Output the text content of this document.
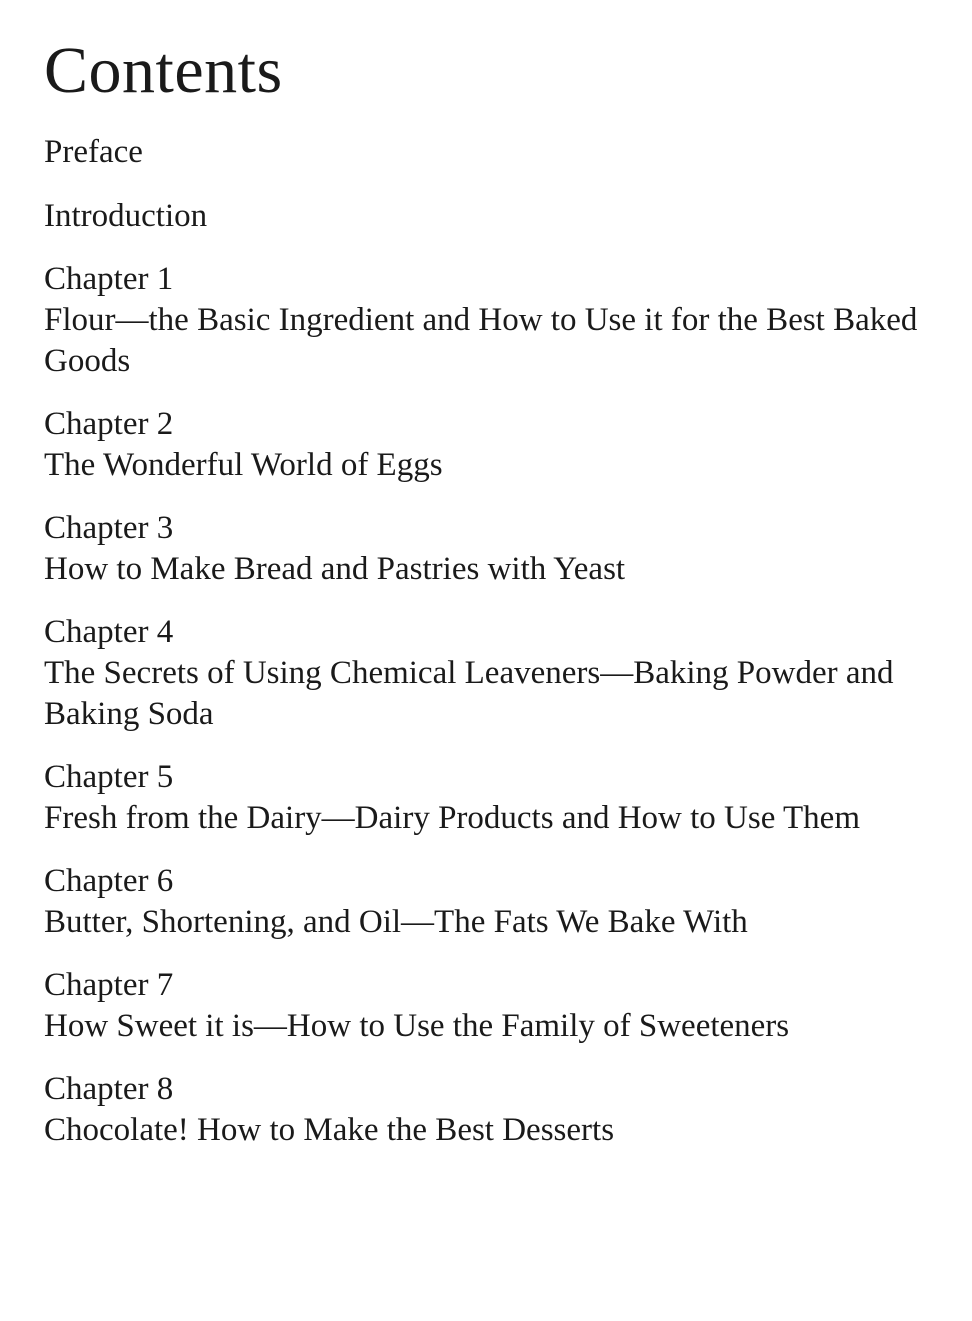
Contents
Preface
Introduction
Chapter 1
Flour—the Basic Ingredient and How to Use it for the Best Baked Goods
Chapter 2
The Wonderful World of Eggs
Chapter 3
How to Make Bread and Pastries with Yeast
Chapter 4
The Secrets of Using Chemical Leaveners—Baking Powder and Baking Soda
Chapter 5
Fresh from the Dairy—Dairy Products and How to Use Them
Chapter 6
Butter, Shortening, and Oil—The Fats We Bake With
Chapter 7
How Sweet it is—How to Use the Family of Sweeteners
Chapter 8
Chocolate! How to Make the Best Desserts
